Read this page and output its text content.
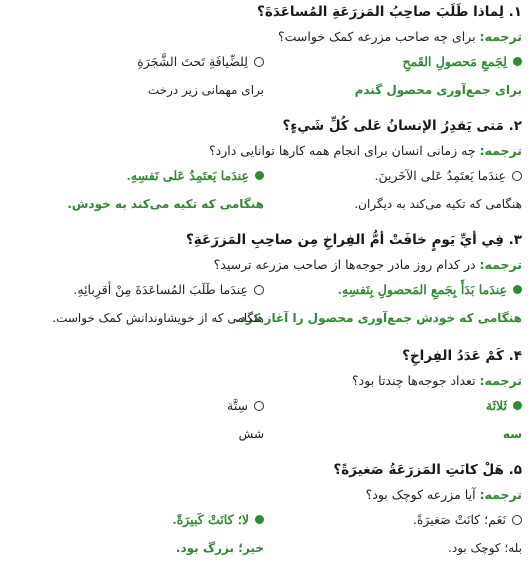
۱. لِماذا طَلَبَ صاحِبُ المَزرَعَةِ المُساعَدَةَ؟
ترجمه: برای چه صاحب مزرعه کمک خواست؟
لِجَمعِ مَحصولِ القَمحِ
برای جمع‌آوری محصول گندم
لِلضِّيافَةِ تَحتَ الشَّجَرَةِ
برای مهمانی زیر درخت
۲. مَتی يَقدِرُ الإنسانُ عَلی کُلِّ شَيءٍ؟
ترجمه: چه زمانی انسان برای انجام همه کارها توانایی دارد؟
عِندَما يَعتَمِدُ عَلی الآخَرينَ.
هنگامی که تکیه می‌کند به دیگران.
عِندَما يَعتَمِدُ عَلی نَفسِهِ.
هنگامی که تکیه می‌کند به خودش.
۳. فِي أيِّ يَومٍ خافَتْ أمُّ الفِراخِ مِن صاحِبِ المَزرَعَةِ؟
ترجمه: در کدام روز مادر جوجه‌ها از صاحب مزرعه ترسید؟
عِندَما بَدَأَ بِجَمعِ المَحصولِ بِنَفسِهِ.
هنگامی که خودش جمع‌آوری محصول را آغاز کرد.
عِندَما طَلَبَ المُساعَدَةَ مِنْ أقرِبائِهِ.
هنگامی که از خویشاوندانش کمک خواست.
۴. کَمْ عَدَدُ الفِراخِ؟
ترجمه: تعداد جوجه‌ها چندتا بود؟
ثَلاثَة
سه
سِتَّة
شش
۵. هَلْ کانَتِ المَزرَعَةُ صَغيرَةً؟
ترجمه: آیا مزرعه کوچک بود؟
نَعَم؛ کانَتْ صَغيرَةً.
بله؛ کوچک بود.
لا؛ کانَتْ کَبيرَةً.
خیر؛ بزرگ بود.
